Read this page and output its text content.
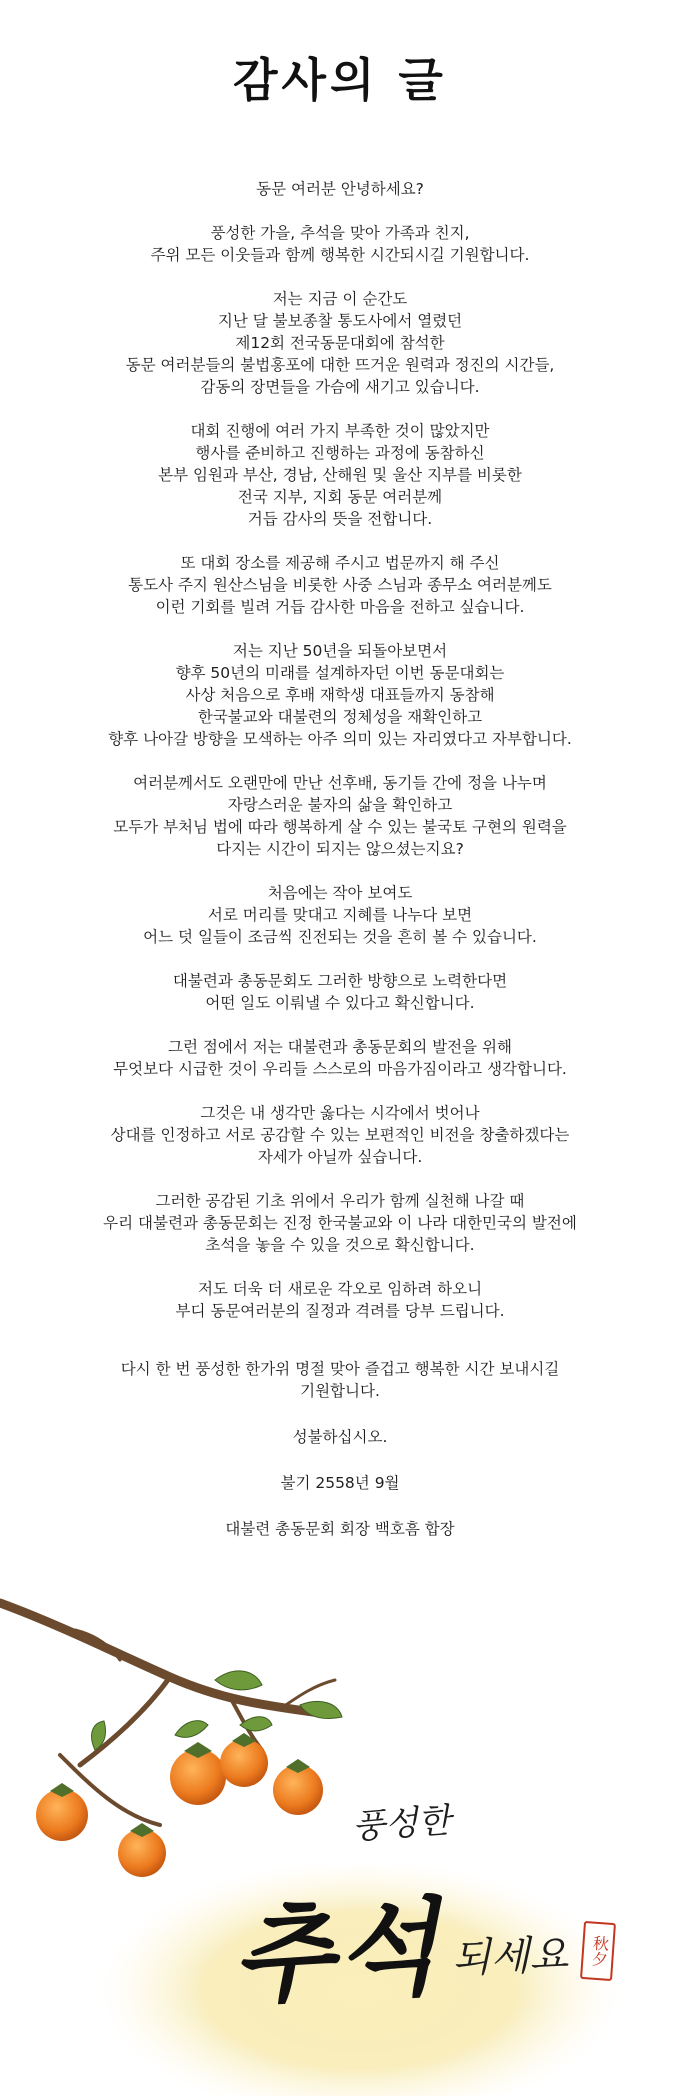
감사의 글
동문 여러분 안녕하세요?
풍성한 가을, 추석을 맞아 가족과 친지,
주위 모든 이웃들과 함께 행복한 시간되시길 기원합니다.
저는 지금 이 순간도
지난 달 불보종찰 통도사에서 열렸던
제12회 전국동문대회에 참석한
동문 여러분들의 불법홍포에 대한 뜨거운 원력과 정진의 시간들,
감동의 장면들을 가슴에 새기고 있습니다.
대회 진행에 여러 가지 부족한 것이 많았지만
행사를 준비하고 진행하는 과정에 동참하신
본부 임원과 부산, 경남, 산해원 및 울산 지부를 비롯한
전국 지부, 지회 동문 여러분께
거듭 감사의 뜻을 전합니다.
또 대회 장소를 제공해 주시고 법문까지 해 주신
통도사 주지 원산스님을 비롯한 사중 스님과 종무소 여러분께도
이런 기회를 빌려 거듭 감사한 마음을 전하고 싶습니다.
저는 지난 50년을 되돌아보면서
향후 50년의 미래를 설계하자던 이번 동문대회는
사상 처음으로 후배 재학생 대표들까지 동참해
한국불교와 대불련의 정체성을 재확인하고
향후 나아갈 방향을 모색하는 아주 의미 있는 자리였다고 자부합니다.
여러분께서도 오랜만에 만난 선후배, 동기들 간에 정을 나누며
자랑스러운 불자의 삶을 확인하고
모두가 부처님 법에 따라 행복하게 살 수 있는 불국토 구현의 원력을
다지는 시간이 되지는 않으셨는지요?
처음에는 작아 보여도
서로 머리를 맞대고 지혜를 나누다 보면
어느 덧 일들이 조금씩 진전되는 것을 흔히 볼 수 있습니다.
대불련과 총동문회도 그러한 방향으로 노력한다면
어떤 일도 이뤄낼 수 있다고 확신합니다.
그런 점에서 저는 대불련과 총동문회의 발전을 위해
무엇보다 시급한 것이 우리들 스스로의 마음가짐이라고 생각합니다.
그것은 내 생각만 옳다는 시각에서 벗어나
상대를 인정하고 서로 공감할 수 있는 보편적인 비전을 창출하겠다는
자세가 아닐까 싶습니다.
그러한 공감된 기초 위에서 우리가 함께 실천해 나갈 때
우리 대불련과 총동문회는 진정 한국불교와 이 나라 대한민국의 발전에
초석을 놓을 수 있을 것으로 확신합니다.
저도 더욱 더 새로운 각오로 임하려 하오니
부디 동문여러분의 질정과 격려를 당부 드립니다.
다시 한 번 풍성한 한가위 명절 맞아 즐겁고 행복한 시간 보내시길
기원합니다.
성불하십시오.
불기 2558년 9월
대불련 총동문회 회장 백호흠 합장
풍성한
추석 되세요	秋夕
